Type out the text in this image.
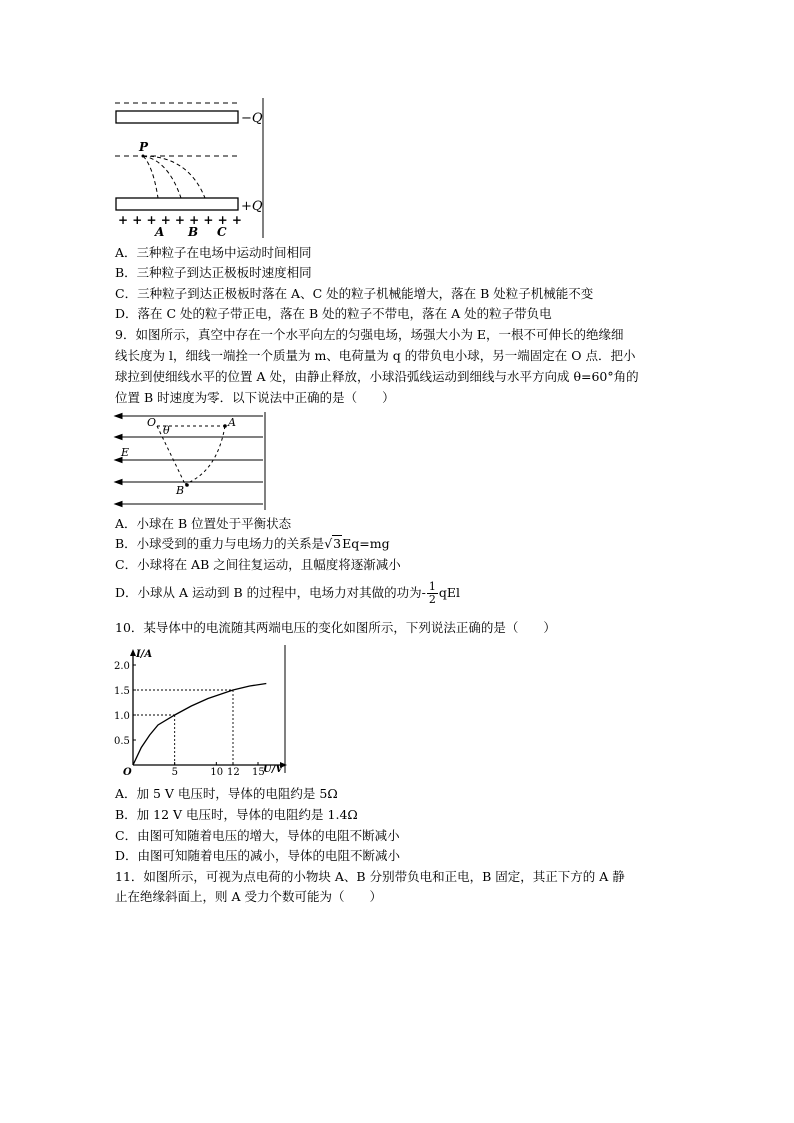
−Q
P
+Q
+ + + + + + + + +
A B C
A．三种粒子在电场中运动时间相同
B．三种粒子到达正极板时速度相同
C．三种粒子到达正极板时落在 A、C 处的粒子机械能增大，落在 B 处粒子机械能不变
D．落在 C 处的粒子带正电，落在 B 处的粒子不带电，落在 A 处的粒子带负电
9．如图所示，真空中存在一个水平向左的匀强电场，场强大小为 E，一根不可伸长的绝缘细
线长度为 l，细线一端拴一个质量为 m、电荷量为 q 的带负电小球，另一端固定在 O 点．把小
球拉到使细线水平的位置 A 处，由静止释放，小球沿弧线运动到细线与水平方向成 θ=60°角的
位置 B 时速度为零．以下说法中正确的是（　　）
O
θ
A
B
E
A．小球在 B 位置处于平衡状态
B．小球受到的重力与电场力的关系是√3Eq=mg
C．小球将在 AB 之间往复运动，且幅度将逐渐减小
D．小球从 A 运动到 B 的过程中，电场力对其做的功为- $\frac{1}{2}$ qEl
10．某导体中的电流随其两端电压的变化如图所示，下列说法正确的是（　　）
I/A
U/V
O	5	10 12 15
0.5
1.0
1.5
2.0
A．加 5 V 电压时，导体的电阻约是 5Ω
B．加 12 V 电压时，导体的电阻约是 1.4Ω
C．由图可知随着电压的增大，导体的电阻不断减小
D．由图可知随着电压的减小，导体的电阻不断减小
11．如图所示，可视为点电荷的小物块 A、B 分别带负电和正电，B 固定，其正下方的 A 静
止在绝缘斜面上，则 A 受力个数可能为（　　）
